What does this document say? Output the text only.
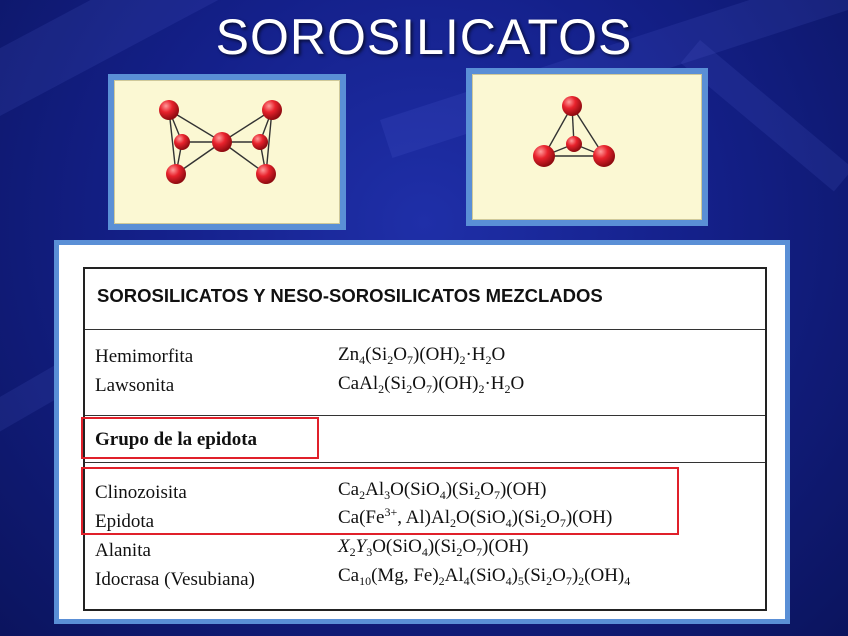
SOROSILICATOS
SOROSILICATOS Y NESO-SOROSILICATOS MEZCLADOS
Hemimorfita	$Zn_4(Si_2O_7)(OH)_2\cdot H_2O$
Lawsonita	$CaAl_2(Si_2O_7)(OH)_2\cdot H_2O$
Grupo de la epidota
Clinozoisita	$Ca_2Al_3O(SiO_4)(Si_2O_7)(OH)$
Epidota	$Ca(Fe^{3+}$, $Al)Al_2O(SiO_4)(Si_2O_7)(OH)$
Alanita	$X_2Y_3O(SiO_4)(Si_2O_7)(OH)$
Idocrasa (Vesubiana)	$Ca_{10}(Mg$, $Fe)_2Al_4(SiO_4)_5(Si_2O_7)_2(OH)_4$
